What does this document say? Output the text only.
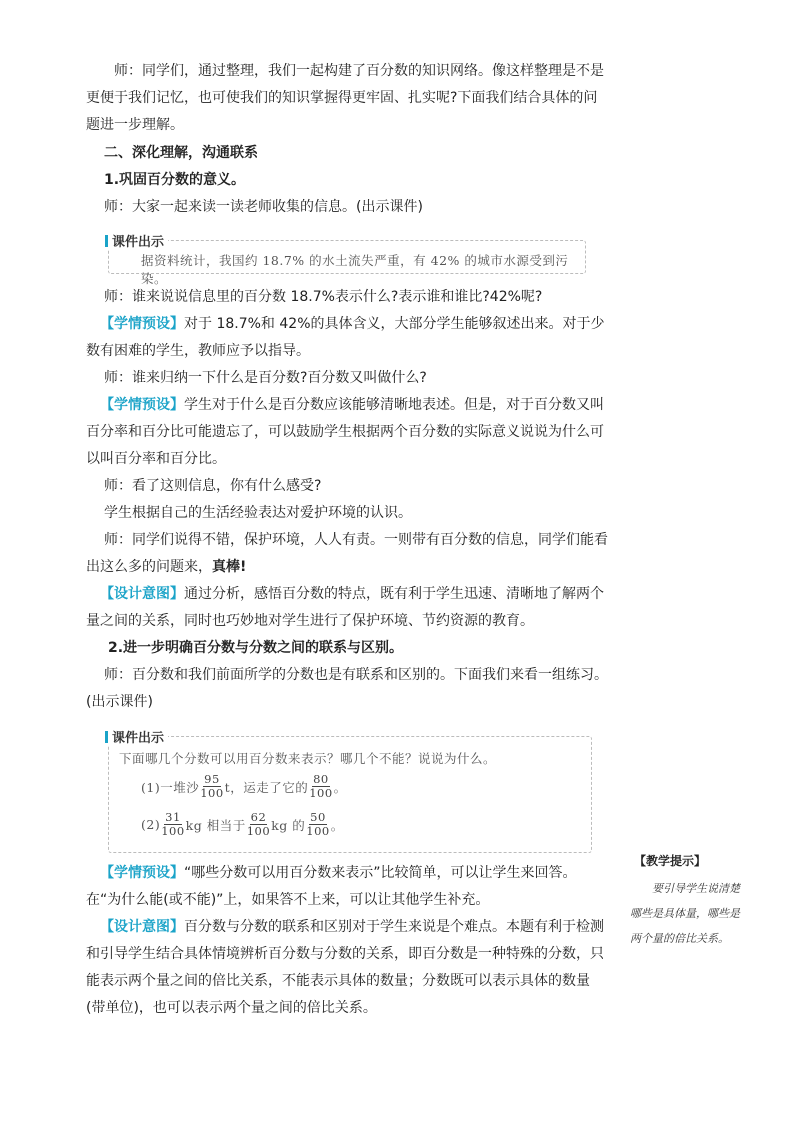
师：同学们，通过整理，我们一起构建了百分数的知识网络。像这样整理是不是更便于我们记忆，也可使我们的知识掌握得更牢固、扎实呢?下面我们结合具体的问题进一步理解。

二、深化理解，沟通联系

1.巩固百分数的意义。

师：大家一起来读一读老师收集的信息。(出示课件)

课件出示
据资料统计，我国约 18.7% 的水土流失严重，有 42% 的城市水源受到污染。

师：谁来说说信息里的百分数 18.7%表示什么?表示谁和谁比?42%呢?

【学情预设】对于 18.7%和 42%的具体含义，大部分学生能够叙述出来。对于少数有困难的学生，教师应予以指导。

师：谁来归纳一下什么是百分数?百分数又叫做什么?

【学情预设】学生对于什么是百分数应该能够清晰地表述。但是，对于百分数又叫百分率和百分比可能遗忘了，可以鼓励学生根据两个百分数的实际意义说说为什么可以叫百分率和百分比。

师：看了这则信息，你有什么感受?

学生根据自己的生活经验表达对爱护环境的认识。

师：同学们说得不错，保护环境，人人有责。一则带有百分数的信息，同学们能看出这么多的问题来，真棒!

【设计意图】通过分析，感悟百分数的特点，既有利于学生迅速、清晰地了解两个量之间的关系，同时也巧妙地对学生进行了保护环境、节约资源的教育。

2.进一步明确百分数与分数之间的联系与区别。

师：百分数和我们前面所学的分数也是有联系和区别的。下面我们来看一组练习。(出示课件)

课件出示
下面哪几个分数可以用百分数来表示？哪几个不能？说说为什么。
(1)一堆沙 $\frac{95}{100}$ t，运走了它的 $\frac{80}{100}$ 。
$(2) \frac{31}{100}$ kg 相当于 $\frac{62}{100}$ kg 的 $\frac{50}{100}$ 。

【学情预设】“哪些分数可以用百分数来表示”比较简单，可以让学生来回答。在“为什么能(或不能)”上，如果答不上来，可以让其他学生补充。

【设计意图】百分数与分数的联系和区别对于学生来说是个难点。本题有利于检测和引导学生结合具体情境辨析百分数与分数的关系，即百分数是一种特殊的分数，只能表示两个量之间的倍比关系，不能表示具体的数量；分数既可以表示具体的数量(带单位)，也可以表示两个量之间的倍比关系。

【教学提示】
要引导学生说清楚哪些是具体量，哪些是两个量的倍比关系。
